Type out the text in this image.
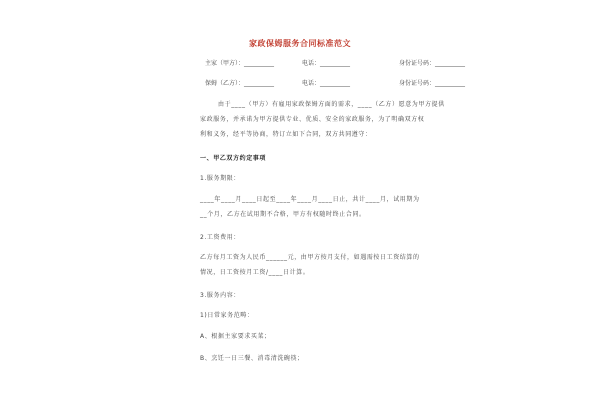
家政保姆服务合同标准范文
主家（甲方）：__________	电话：__________	身份证号码：__________
保姆（乙方）：__________	电话：__________	身份证号码：__________
由于____（甲方）有雇用家政保姆方面的需求，____（乙方）愿意为甲方提供
家政服务，并承诺为甲方提供专业、优质、安全的家政服务，为了明确双方权
利和义务，经平等协商，特订立如下合同，双方共同遵守：
一、甲乙双方约定事项
1.服务期限：
____年____月____日起至____年____月____日止，共计____月，试用期为
__个月，乙方在试用期不合格，甲方有权随时终止合同。
2.工资费用：
乙方每月工资为人民币______元，由甲方按月支付，如遇需按日工资结算的
情况，日工资按月工资/____日计算。
3.服务内容：
1)日常家务范畴：
A、根据主家要求买菜；
B、烹饪一日三餐、消毒清洗碗筷；
